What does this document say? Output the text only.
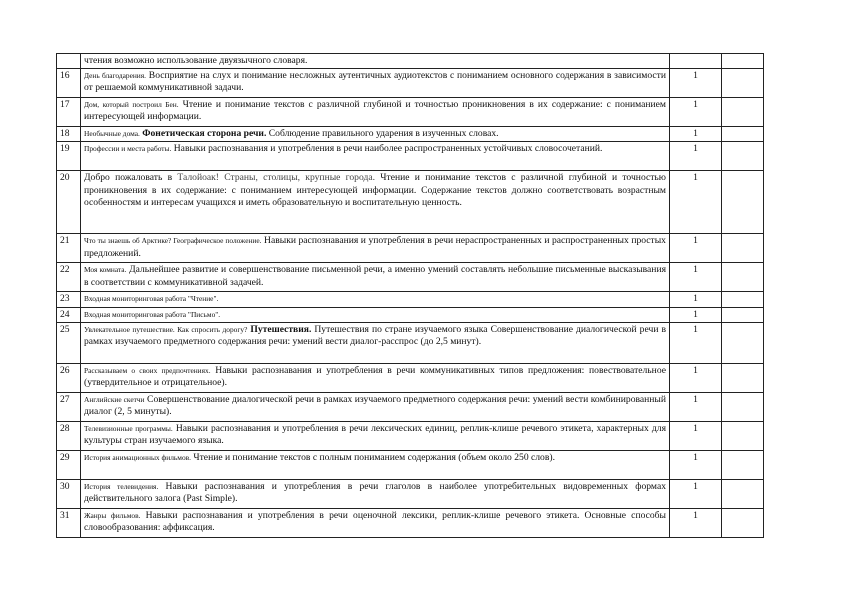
	чтения возможно использование двуязычного словаря.		
16	День благодарения. Восприятие на слух и понимание несложных аутентичных аудиотекстов с пониманием основного содержания в зависимости от решаемой коммуникативной задачи.	1	
17	Дом, который построил Бен. Чтение и понимание текстов с различной глубиной и точностью проникновения в их содержание: с пониманием интересующей информации.	1	
18	Необычные дома. Фонетическая сторона речи. Соблюдение правильного ударения в изученных словах.	1	
19	Профессии и места работы. Навыки распознавания и употребления в речи наиболее распространенных устойчивых словосочетаний.	1	
20	Добро пожаловать в Талойоак! Страны, столицы, крупные города. Чтение и понимание текстов с различной глубиной и точностью проникновения в их содержание: с пониманием интересующей информации. Содержание текстов должно соответствовать возрастным особенностям и интересам учащихся и иметь образовательную и воспитательную ценность.	1	
21	Что ты знаешь об Арктике? Географическое положение. Навыки распознавания и употребления в речи нераспространенных и распространенных простых предложений.	1	
22	Моя комната. Дальнейшее развитие и совершенствование письменной речи, а именно умений составлять небольшие письменные высказывания в соответствии с коммуникативной задачей.	1	
23	Входная мониторинговая работа "Чтение".	1	
24	Входная мониторинговая работа "Письмо".	1	
25	Увлекательное путешествие. Как спросить дорогу? Путешествия. Путешествия по стране изучаемого языка Совершенствование диалогической речи в рамках изучаемого предметного содержания речи: умений вести диалог-расспрос (до 2,5 минут).	1	
26	Рассказываем о своих предпочтениях. Навыки распознавания и употребления в речи коммуникативных типов предложения: повествовательное (утвердительное и отрицательное).	1	
27	Английские скетчи Совершенствование диалогической речи в рамках изучаемого предметного содержания речи: умений вести комбинированный диалог (2, 5 минуты).	1	
28	Телевизионные программы. Навыки распознавания и употребления в речи лексических единиц, реплик-клише речевого этикета, характерных для культуры стран изучаемого языка.	1	
29	История анимационных фильмов. Чтение и понимание текстов с полным пониманием содержания (объем около 250 слов).	1	
30	История телевидения. Навыки распознавания и употребления в речи глаголов в наиболее употребительных видовременных формах действительного залога (Past Simple).	1	
31	Жанры фильмов. Навыки распознавания и употребления в речи оценочной лексики, реплик-клише речевого этикета. Основные способы словообразования: аффиксация.	1	
